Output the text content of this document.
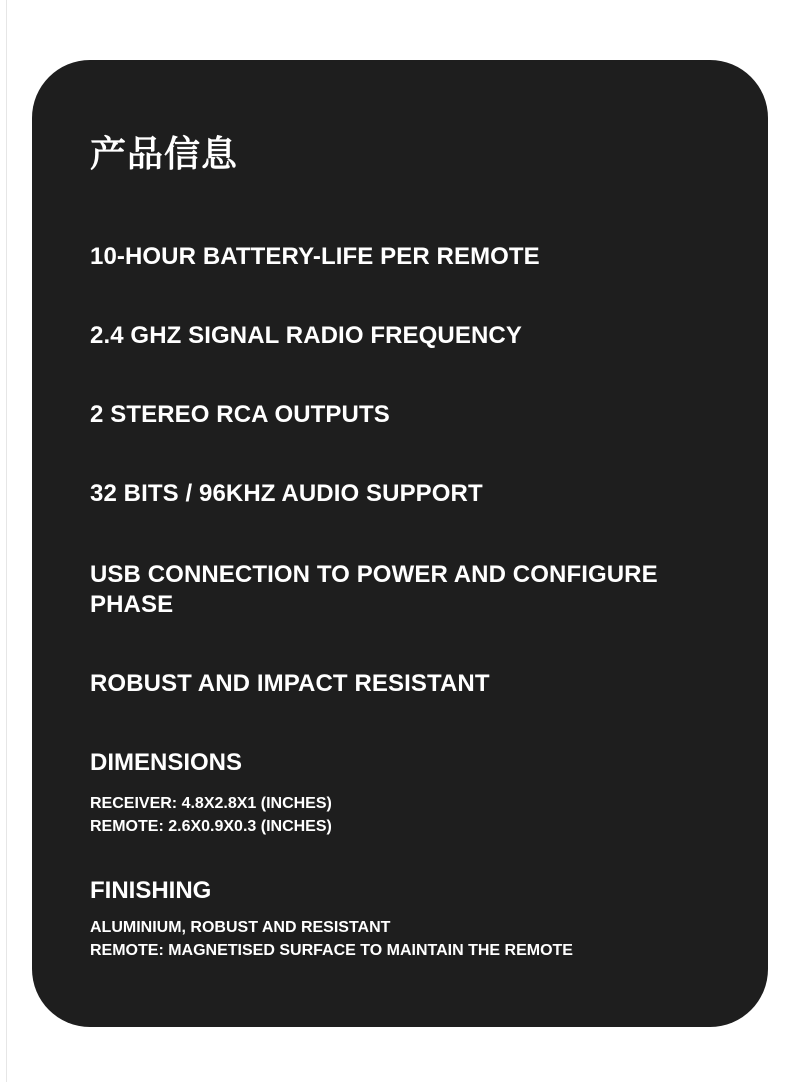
产品信息

10-HOUR BATTERY-LIFE PER REMOTE

2.4 GHZ SIGNAL RADIO FREQUENCY

2 STEREO RCA OUTPUTS

32 BITS / 96KHZ AUDIO SUPPORT

USB CONNECTION TO POWER AND CONFIGURE PHASE

ROBUST AND IMPACT RESISTANT

DIMENSIONS
RECEIVER: 4.8X2.8X1 (INCHES)
REMOTE: 2.6X0.9X0.3 (INCHES)
FINISHING
ALUMINIUM, ROBUST AND RESISTANT
REMOTE: MAGNETISED SURFACE TO MAINTAIN THE REMOTE
